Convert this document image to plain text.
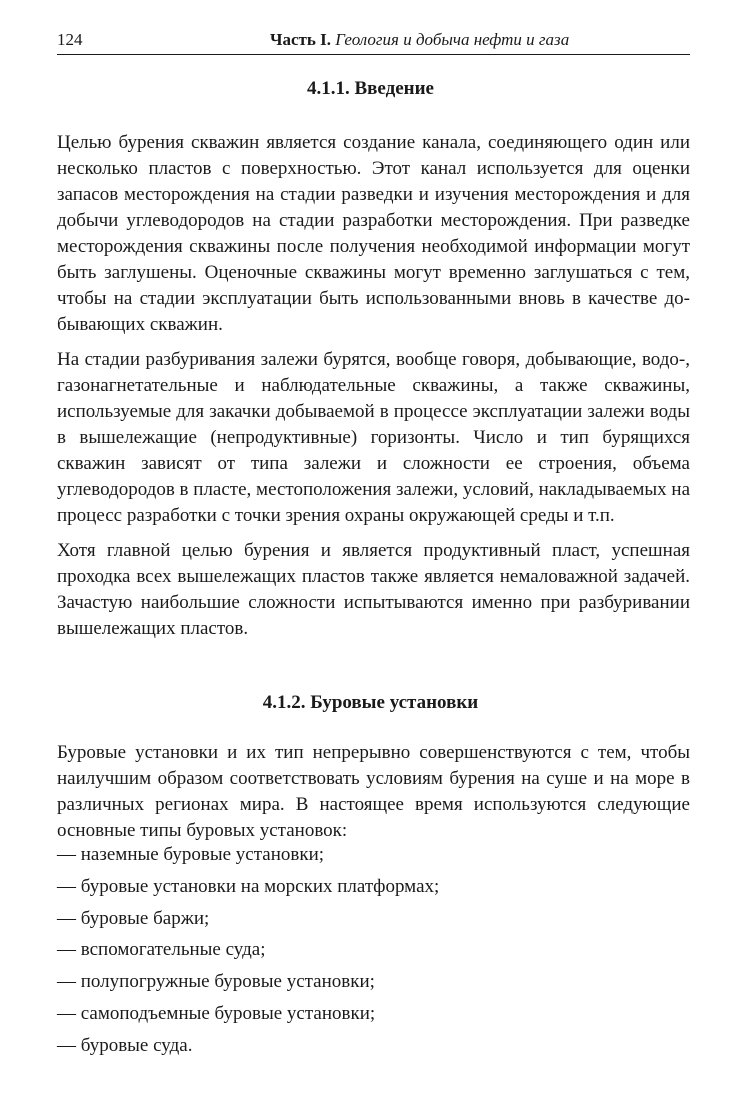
124	Часть I. Геология и добыча нефти и газа
4.1.1. Введение

Целью бурения скважин является создание канала, соединяющего один или несколько пластов с поверхностью. Этот канал используется для оценки запасов месторождения на стадии разведки и изучения месторождения и для добычи углеводородов на стадии разработки месторождения. При разведке месторождения скважины после получения необходимой информации могут быть заглушены. Оценочные скважины могут временно заглушаться с тем, чтобы на стадии эксплуатации быть использованными вновь в качестве добывающих скважин.

На стадии разбуривания залежи бурятся, вообще говоря, добывающие, водо-, газонагнетательные и наблюдательные скважины, а также скважины, используемые для закачки добываемой в процессе эксплуатации залежи воды в вышележащие (непродуктивные) горизонты. Число и тип бурящихся скважин зависят от типа залежи и сложности ее строения, объема углеводородов в пласте, местоположения залежи, условий, накладываемых на процесс разработки с точки зрения охраны окружающей среды и т.п.

Хотя главной целью бурения и является продуктивный пласт, успешная проходка всех вышележащих пластов также является немаловажной задачей. Зачастую наибольшие сложности испытываются именно при разбуривании вышележащих пластов.

4.1.2. Буровые установки

Буровые установки и их тип непрерывно совершенствуются с тем, чтобы наилучшим образом соответствовать условиям бурения на суше и на море в различных регионах мира. В настоящее время используются следующие основные типы буровых установок:

— наземные буровые установки;
— буровые установки на морских платформах;
— буровые баржи;
— вспомогательные суда;
— полупогружные буровые установки;
— самоподъемные буровые установки;
— буровые суда.
